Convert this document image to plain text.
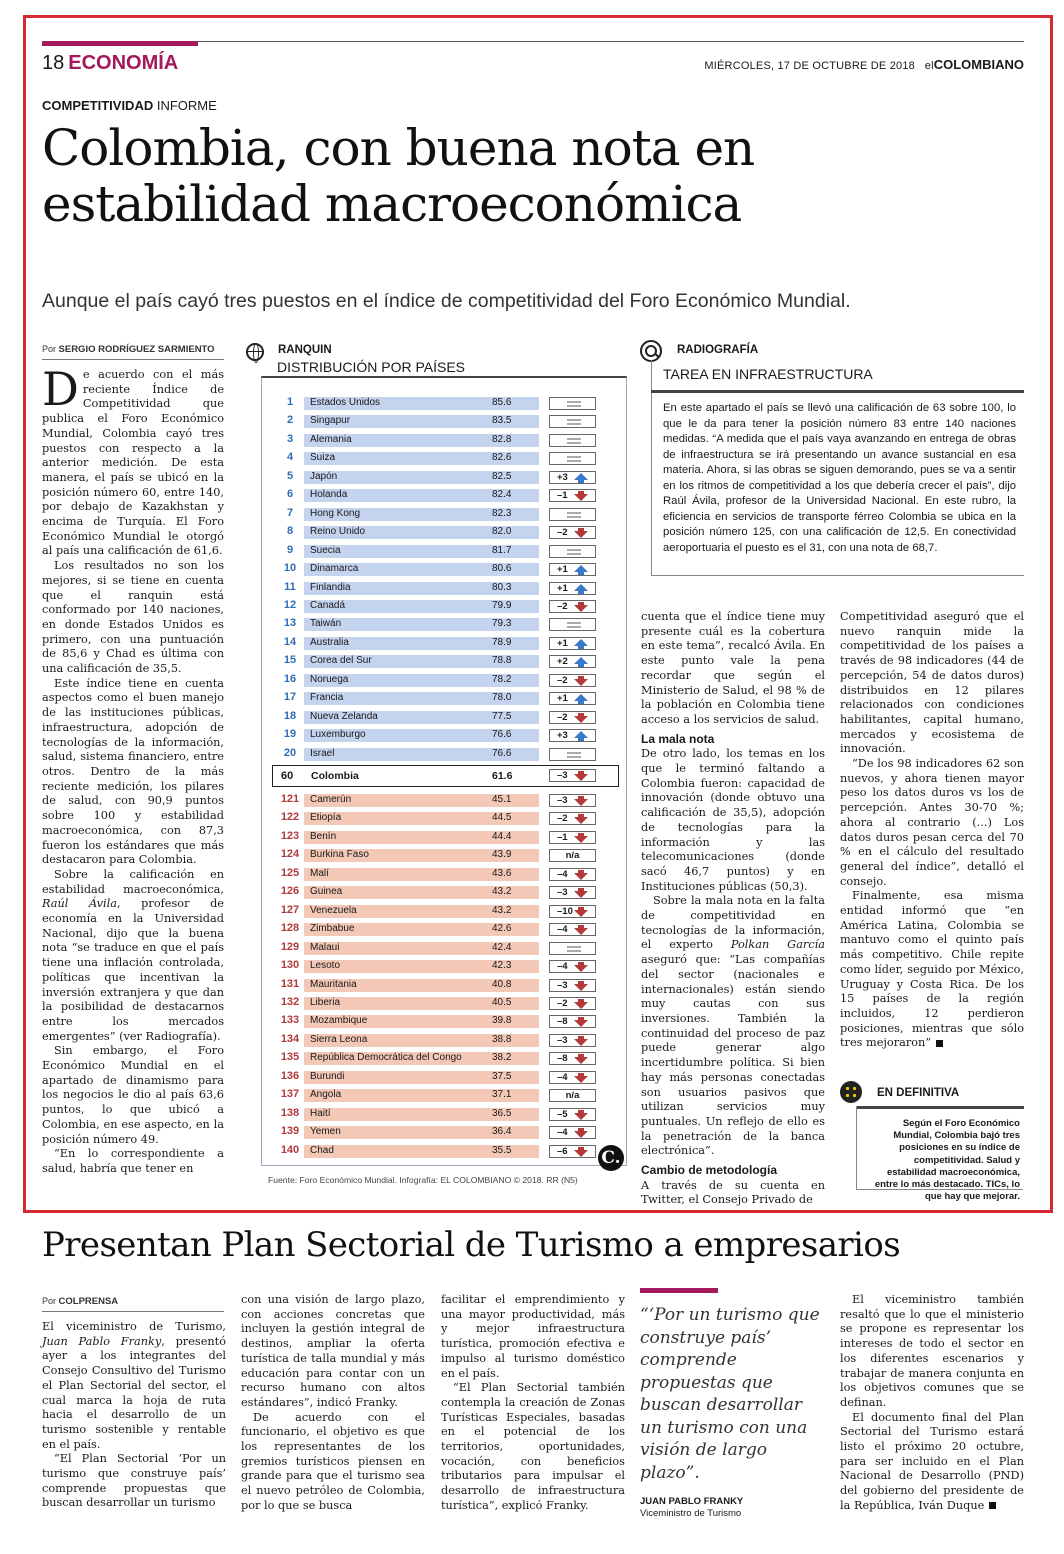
18 ECONOMÍA	MIÉRCOLES, 17 DE OCTUBRE DE 2018 elCOLOMBIANO
COMPETITIVIDAD INFORME
Colombia, con buena nota en
estabilidad macroeconómica
Aunque el país cayó tres puestos en el índice de competitividad del Foro Económico Mundial.
Por SERGIO RODRÍGUEZ SARMIENTO

De acuerdo con el más reciente Índice de Competitividad que publica el Foro Económico Mundial, Colombia cayó tres puestos con respecto a la anterior medición. De esta manera, el país se ubicó en la posición número 60, entre 140, por debajo de Kazakhstan y encima de Turquía. El Foro Económico Mundial le otorgó al país una calificación de 61,6.

Los resultados no son los mejores, si se tiene en cuenta que el ranquin está conformado por 140 naciones, en donde Estados Unidos es primero, con una puntuación de 85,6 y Chad es última con una calificación de 35,5.

Este índice tiene en cuenta aspectos como el buen manejo de las instituciones públicas, infraestructura, adopción de tecnologías de la información, salud, sistema financiero, entre otros. Dentro de la más reciente medición, los pilares de salud, con 90,9 puntos sobre 100 y estabilidad macroeconómica, con 87,3 fueron los estándares que más destacaron para Colombia.

Sobre la calificación en estabilidad macroeconómica, Raúl Ávila, profesor de economía en la Universidad Nacional, dijo que la buena nota “se traduce en que el país tiene una inflación controlada, políticas que incentivan la inversión extranjera y que dan la posibilidad de destacarnos entre los mercados emergentes” (ver Radiografía).

Sin embargo, el Foro Económico Mundial en el apartado de dinamismo para los negocios le dio al país 63,6 puntos, lo que ubicó a Colombia, en ese aspecto, en la posición número 49.

“En lo correspondiente a salud, habría que tener en

RANQUIN
DISTRIBUCIÓN POR PAÍSES
1	Estados Unidos	85.6
2	Singapur	83.5
3	Alemania	82.8
4	Suiza	82.6
5	Japón	82.5	+3
6	Holanda	82.4	–1
7	Hong Kong	82.3
8	Reino Unido	82.0	–2
9	Suecia	81.7
10	Dinamarca	80.6	+1
11	Finlandia	80.3	+1
12	Canadá	79.9	–2
13	Taiwán	79.3
14	Australia	78.9	+1
15	Corea del Sur	78.8	+2
16	Noruega	78.2	–2
17	Francia	78.0	+1
18	Nueva Zelanda	77.5	–2
19	Luxemburgo	76.6	+3
20	Israel	76.6
121 Camerún	45.1	–3
122 Etiopía	44.5	–2
123 Benín	44.4	–1
124 Burkina Faso	43.9	n/a
125 Malí	43.6	–4
126 Guinea	43.2	–3
127 Venezuela	43.2	–10
128 Zimbabue	42.6	–4
129 Malaui	42.4
130 Lesoto	42.3	–4
131 Mauritania	40.8	–3
132 Liberia	40.5	–2
133 Mozambique	39.8	–8
134 Sierra Leona	38.8	–3
135 República Democrática del Congo	38.2	–8
136 Burundi	37.5	–4
137 Angola	37.1	n/a
138 Haití	36.5	–5
139 Yemen	36.4	–4
140 Chad	35.5	–6
60 Colombia	61.6	–3
Fuente: Foro Económico Mundial. Infografía: EL COLOMBIANO © 2018. RR (N5)
C.
RADIOGRAFÍA
TAREA EN INFRAESTRUCTURA
En este apartado el país se llevó una calificación de 63 sobre 100, lo que le da para tener la posición número 83 entre 140 naciones medidas. “A medida que el país vaya avanzando en entrega de obras de infraestructura se irá presentando un avance sustancial en esa materia. Ahora, si las obras se siguen demorando, pues se va a sentir en los ritmos de competitividad a los que debería crecer el país”, dijo Raúl Ávila, profesor de la Universidad Nacional. En este rubro, la eficiencia en servicios de transporte férreo Colombia se ubica en la posición número 125, con una calificación de 12,5. En conectividad aeroportuaria el puesto es el 31, con una nota de 68,7.

cuenta que el índice tiene muy presente cuál es la cobertura en este tema”, recalcó Ávila. En este punto vale la pena recordar que según el Ministerio de Salud, el 98 % de la población en Colombia tiene acceso a los servicios de salud.

La mala nota

De otro lado, los temas en los que le terminó faltando a Colombia fueron: capacidad de innovación (donde obtuvo una calificación de 35,5), adopción de tecnologías para la información y las telecomunicaciones (donde sacó 46,7 puntos) y en Instituciones públicas (50,3).

Sobre la mala nota en la falta de competitividad en tecnologías de la información, el experto Polkan García aseguró que: “Las compañías del sector (nacionales e internacionales) están siendo muy cautas con sus inversiones. También la continuidad del proceso de paz puede generar algo incertidumbre política. Si bien hay más personas conectadas son usuarios pasivos que utilizan servicios muy puntuales. Un reflejo de ello es la penetración de la banca electrónica”.

Cambio de metodología

A través de su cuenta en Twitter, el Consejo Privado de

Competitividad aseguró que el nuevo ranquin mide la competitividad de los países a través de 98 indicadores (44 de percepción, 54 de datos duros) distribuidos en 12 pilares relacionados con condiciones habilitantes, capital humano, mercados y ecosistema de innovación.

“De los 98 indicadores 62 son nuevos, y ahora tienen mayor peso los datos duros vs los de percepción. Antes 30-70 %; ahora al contrario (...) Los datos duros pesan cerca del 70 % en el cálculo del resultado general del índice”, detalló el consejo.

Finalmente, esa misma entidad informó que “en América Latina, Colombia se mantuvo como el quinto país más competitivo. Chile repite como líder, seguido por México, Uruguay y Costa Rica. De los 15 países de la región incluidos, 12 perdieron posiciones, mientras que sólo tres mejoraron”

EN DEFINITIVA
Según el Foro Económico Mundial, Colombia bajó tres posiciones en su índice de competitividad. Salud y estabilidad macroeconómica, entre lo más destacado. TICs, lo que hay que mejorar.
Presentan Plan Sectorial de Turismo a empresarios
Por COLPRENSA

El viceministro de Turismo, Juan Pablo Franky, presentó ayer a los integrantes del Consejo Consultivo del Turismo el Plan Sectorial del sector, el cual marca la hoja de ruta hacia el desarrollo de un turismo sostenible y rentable en el país.

“El Plan Sectorial ‘Por un turismo que construye país’ comprende propuestas que buscan desarrollar un turismo

con una visión de largo plazo, con acciones concretas que incluyen la gestión integral de destinos, ampliar la oferta turística de talla mundial y más educación para contar con un recurso humano con altos estándares”, indicó Franky.

De acuerdo con el funcionario, el objetivo es que los representantes de los gremios turísticos piensen en grande para que el turismo sea el nuevo petróleo de Colombia, por lo que se busca

facilitar el emprendimiento y una mayor productividad, más y mejor infraestructura turística, promoción efectiva e impulso al turismo doméstico en el país.

“El Plan Sectorial también contempla la creación de Zonas Turísticas Especiales, basadas en el potencial de los territorios, oportunidades, vocación, con beneficios tributarios para impulsar el desarrollo de infraestructura turística”, explicó Franky.

“‘Por un turismo que construye país’ comprende propuestas que buscan desarrollar un turismo con una visión de largo plazo”.
JUAN PABLO FRANKY
Viceministro de Turismo

El viceministro también resaltó que lo que el ministerio se propone es representar los intereses de todo el sector en los diferentes escenarios y trabajar de manera conjunta en los objetivos comunes que se definan.

El documento final del Plan Sectorial del Turismo estará listo el próximo 20 octubre, para ser incluido en el Plan Nacional de Desarrollo (PND) del gobierno del presidente de la República, Iván Duque
